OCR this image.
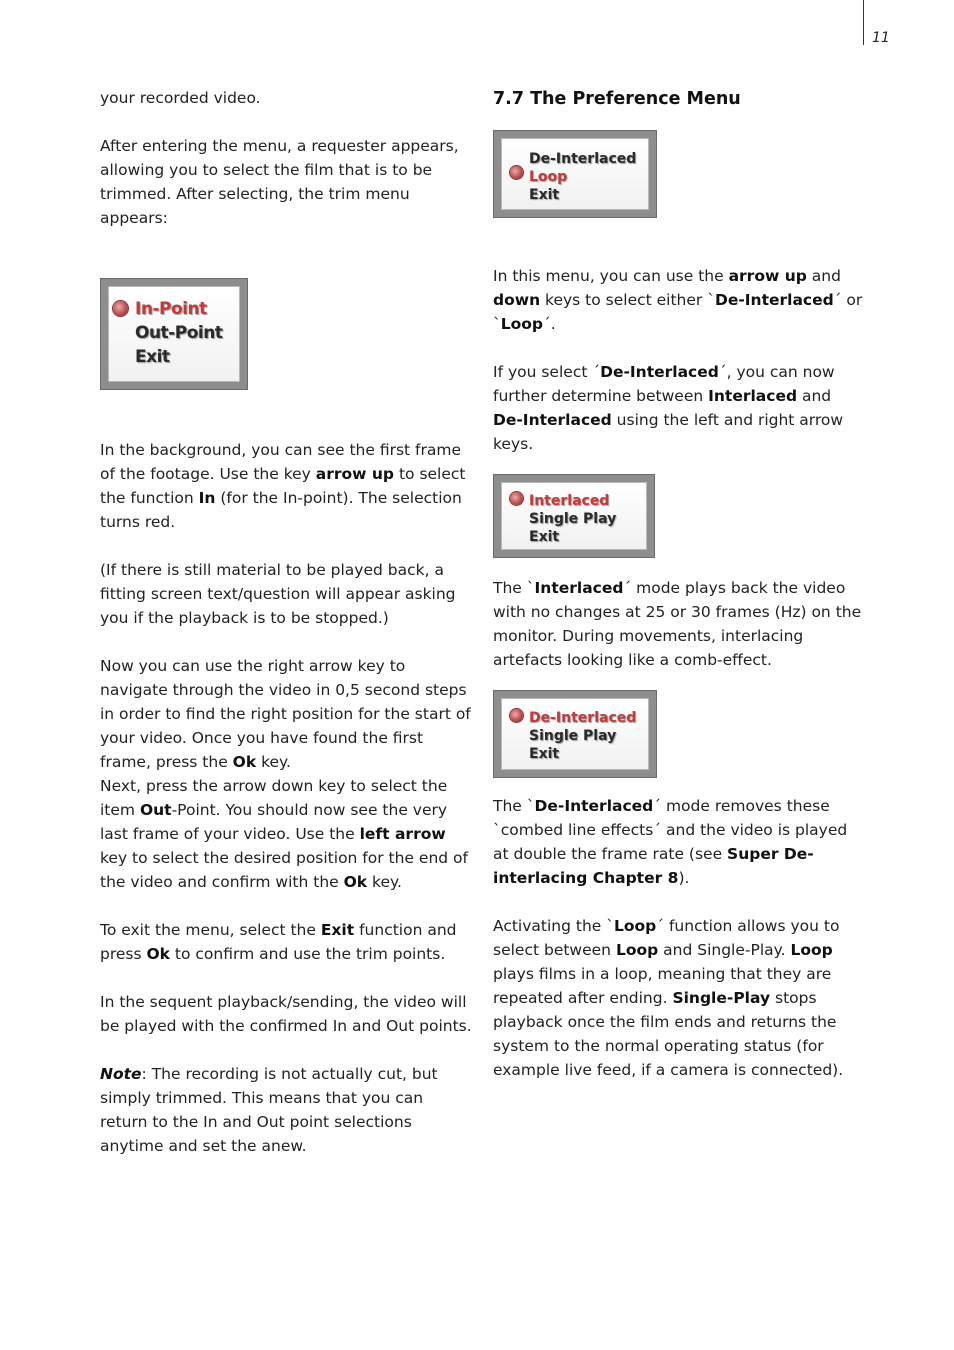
11

your recorded video.

After entering the menu, a requester appears, allowing you to select the film that is to be trimmed. After selecting, the trim menu appears:

In-Point
Out-Point
Exit

In the background, you can see the first frame of the footage. Use the key arrow up to select the function In (for the In-point). The selection turns red.

(If there is still material to be played back, a fitting screen text/question will appear asking you if the playback is to be stopped.)

Now you can use the right arrow key to navigate through the video in 0,5 second steps in order to find the right position for the start of your video. Once you have found the first frame, press the Ok key.

Next, press the arrow down key to select the item Out-Point. You should now see the very last frame of your video. Use the left arrow key to select the desired position for the end of the video and confirm with the Ok key.

To exit the menu, select the Exit function and press Ok to confirm and use the trim points.

In the sequent playback/sending, the video will be played with the confirmed In and Out points.

Note: The recording is not actually cut, but simply trimmed. This means that you can return to the In and Out point selections anytime and set the anew.

7.7 The Preference Menu
De-Interlaced
Loop
Exit

In this menu, you can use the arrow up and down keys to select either `De-Interlaced´ or `Loop´.

If you select ´De-Interlaced´, you can now further determine between Interlaced and De-Interlaced using the left and right arrow keys.

Interlaced
Single Play
Exit

The `Interlaced´ mode plays back the video with no changes at 25 or 30 frames (Hz) on the monitor. During movements, interlacing artefacts looking like a comb-effect.

De-Interlaced
Single Play
Exit

The `De-Interlaced´ mode removes these `combed line effects´ and the video is played at double the frame rate (see Super De-interlacing Chapter 8).

Activating the `Loop´ function allows you to select between Loop and Single-Play. Loop plays films in a loop, meaning that they are repeated after ending. Single-Play stops playback once the film ends and returns the system to the normal operating status (for example live feed, if a camera is connected).
